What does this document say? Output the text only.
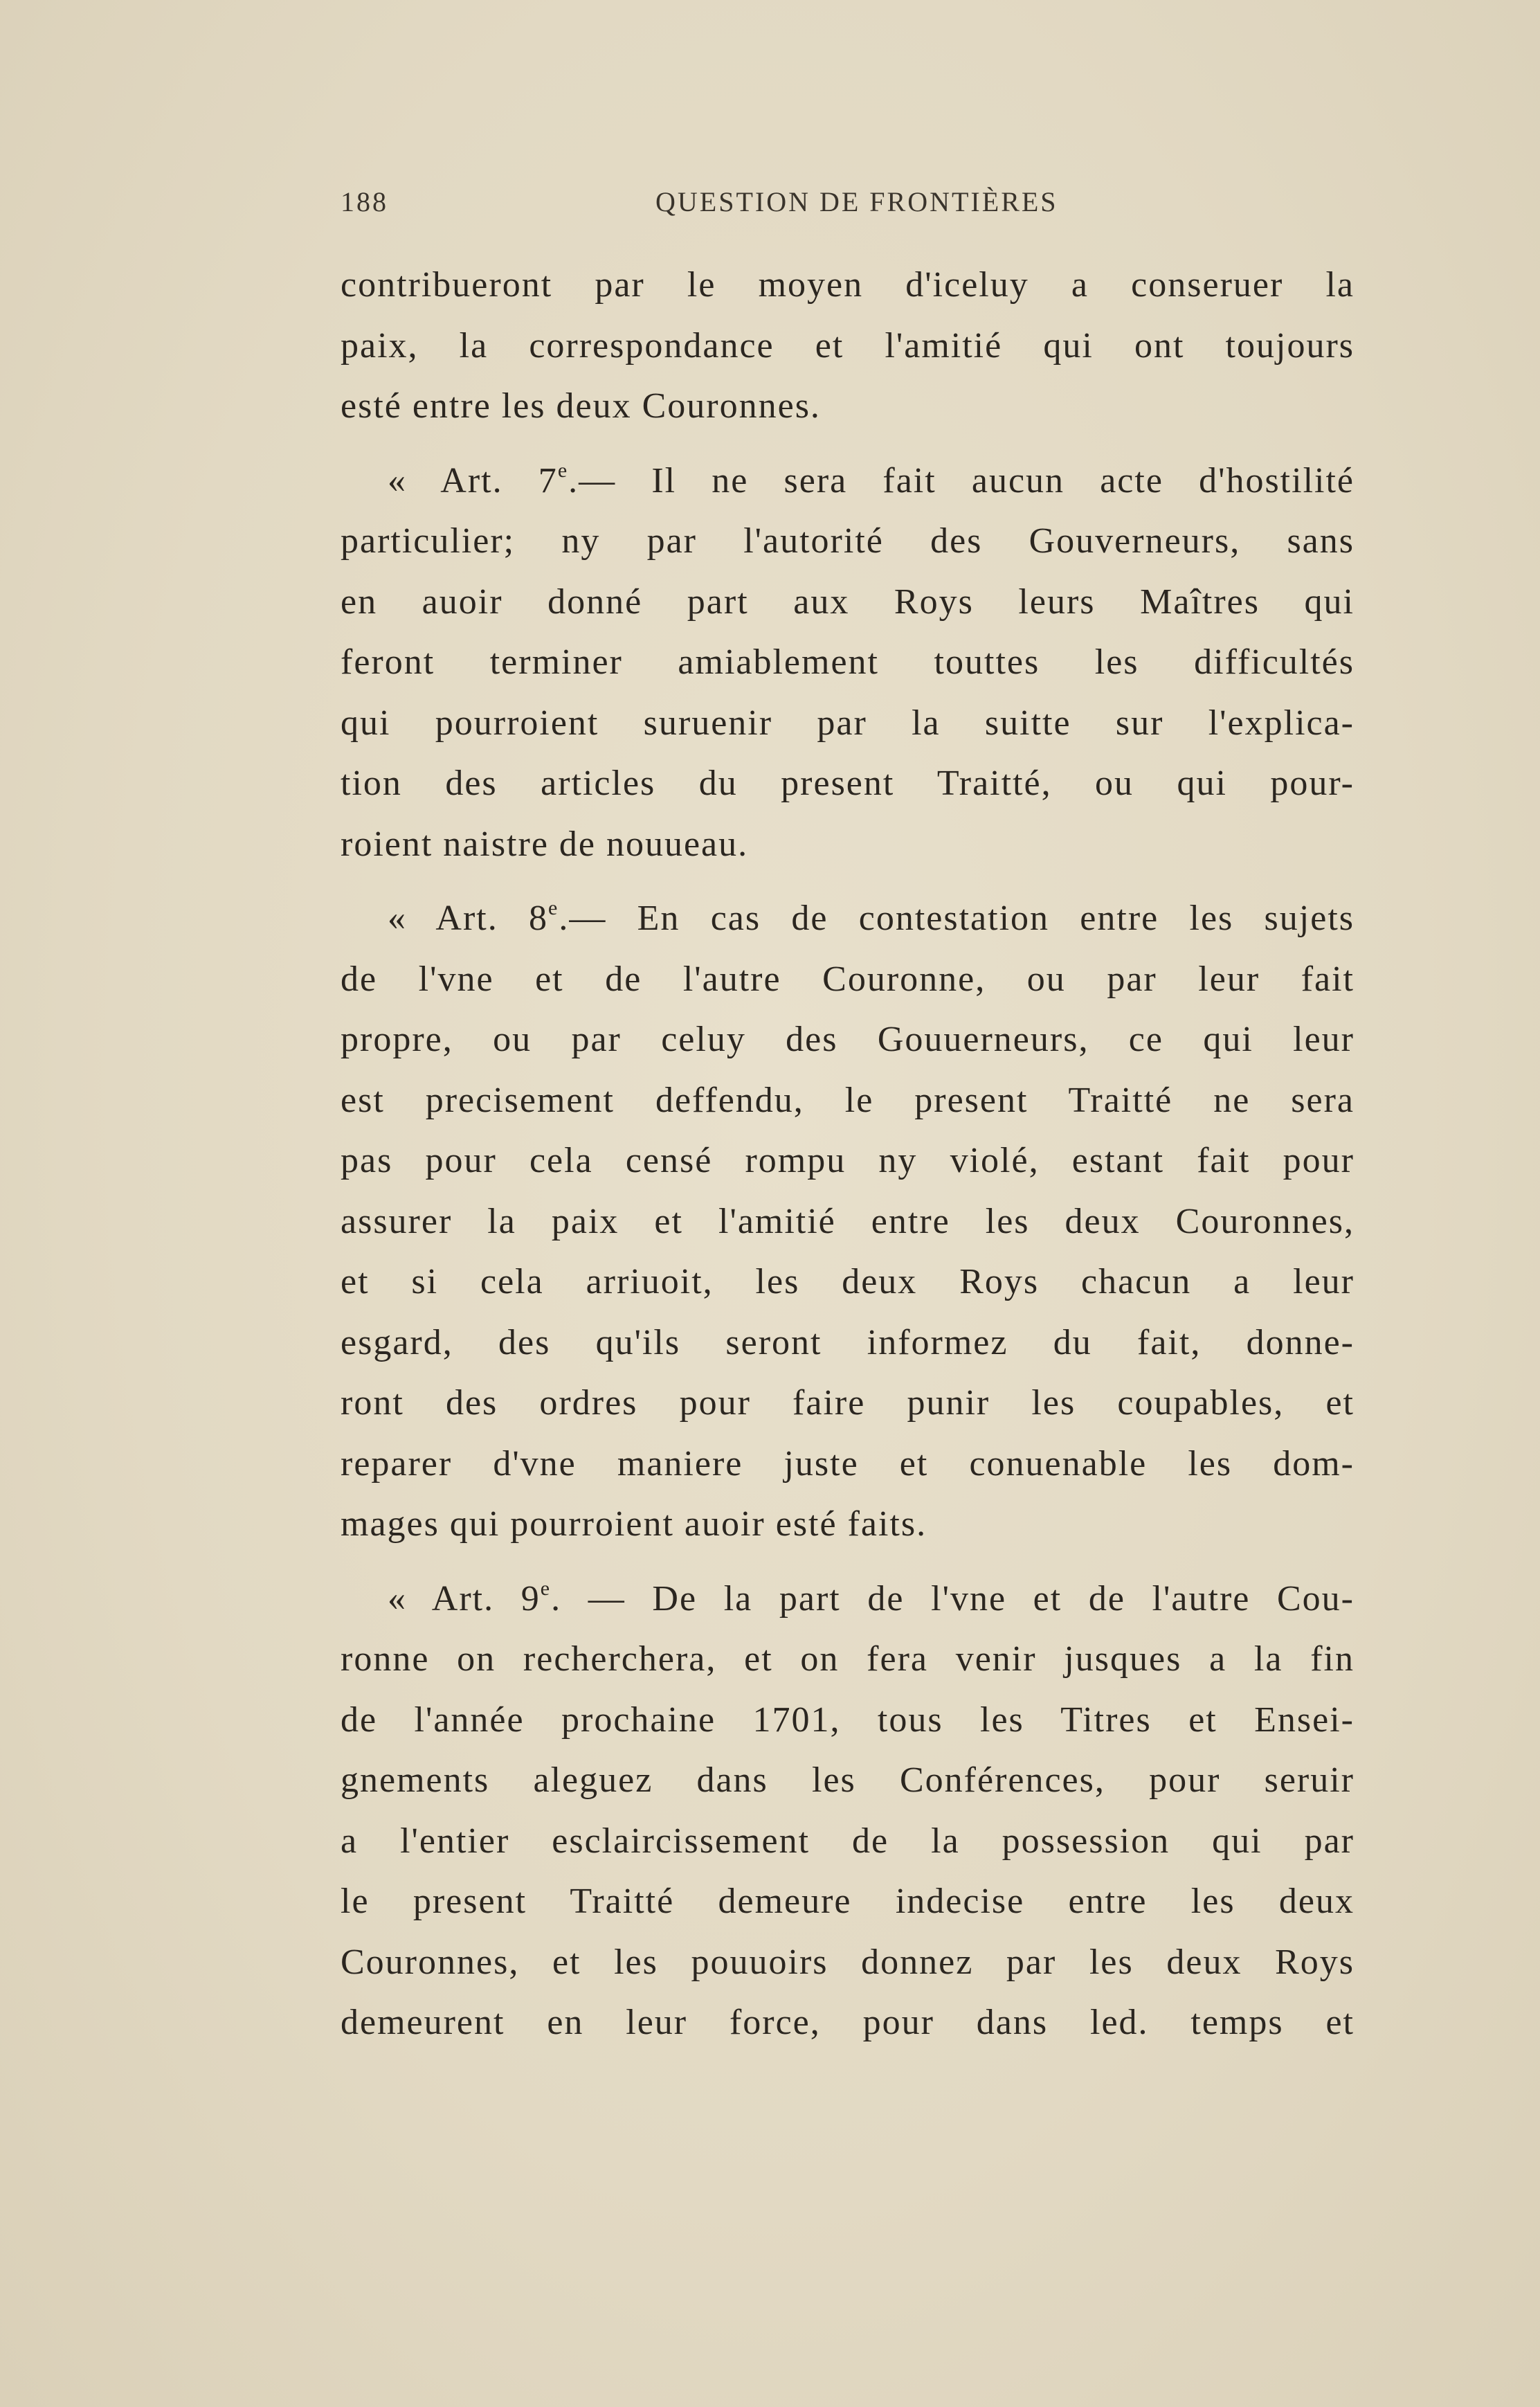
188	QUESTION DE FRONTIÈRES
contribueront par le moyen d'iceluy a conseruer la
paix, la correspondance et l'amitié qui ont toujours
esté entre les deux Couronnes.
« Art. 7e.— Il ne sera fait aucun acte d'hostilité
particulier; ny par l'autorité des Gouverneurs, sans
en auoir donné part aux Roys leurs Maîtres qui
feront terminer amiablement touttes les difficultés
qui pourroient suruenir par la suitte sur l'explica-
tion des articles du present Traitté, ou qui pour-
roient naistre de nouueau.
« Art. 8e.— En cas de contestation entre les sujets
de l'vne et de l'autre Couronne, ou par leur fait
propre, ou par celuy des Gouuerneurs, ce qui leur
est precisement deffendu, le present Traitté ne sera
pas pour cela censé rompu ny violé, estant fait pour
assurer la paix et l'amitié entre les deux Couronnes,
et si cela arriuoit, les deux Roys chacun a leur
esgard, des qu'ils seront informez du fait, donne-
ront des ordres pour faire punir les coupables, et
reparer d'vne maniere juste et conuenable les dom-
mages qui pourroient auoir esté faits.
« Art. 9e. — De la part de l'vne et de l'autre Cou-
ronne on recherchera, et on fera venir jusques a la fin
de l'année prochaine 1701, tous les Titres et Ensei-
gnements aleguez dans les Conférences, pour seruir
a l'entier esclaircissement de la possession qui par
le present Traitté demeure indecise entre les deux
Couronnes, et les pouuoirs donnez par les deux Roys
demeurent en leur force, pour dans led. temps et
